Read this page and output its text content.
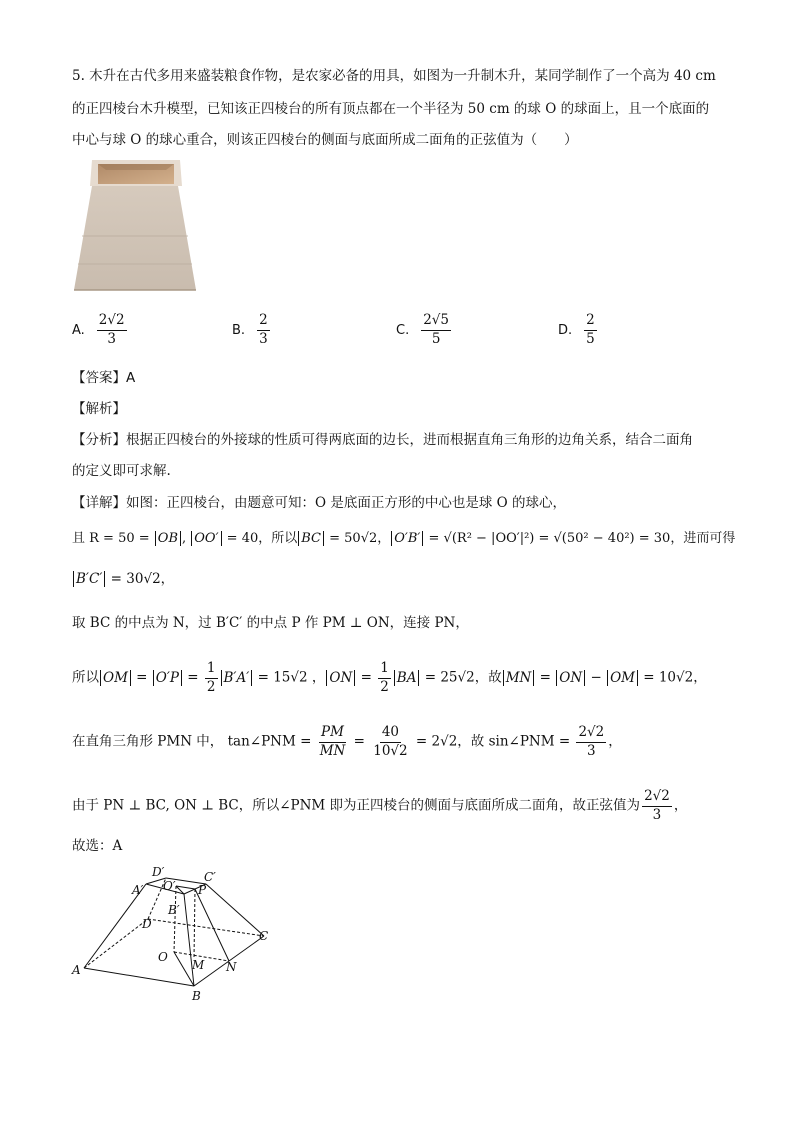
5. 木升在古代多用来盛装粮食作物，是农家必备的用具，如图为一升制木升，某同学制作了一个高为 40 cm
的正四棱台木升模型，已知该正四棱台的所有顶点都在一个半径为 50 cm 的球 O 的球面上，且一个底面的
中心与球 O 的球心重合，则该正四棱台的侧面与底面所成二面角的正弦值为（　　）
A. $\frac{2√2}{3}$	B. $\frac{2}{3}$	C. $\frac{2√5}{5}$	D. $\frac{2}{5}$
【答案】A
【解析】
【分析】根据正四棱台的外接球的性质可得两底面的边长，进而根据直角三角形的边角关系，结合二面角
的定义即可求解.
【详解】如图：正四棱台，由题意可知：O 是底面正方形的中心也是球 O 的球心，
且 R = 50 = OB , OO′ = 40，所以 BC = 50√2， O′B′ = √(R² − |OO′|²) = √(50² − 40²) = 30，进而可得
B′C′ = 30√2，
取 BC 的中点为 N，过 B′C′ 的中点 P 作 PM ⊥ ON，连接 PN，
所以 OM = $O'P = \frac{1}{2} B'A' = 15√2$ ， ON = $\frac{1}{2}$ BA = 25√2，故 MN = ON − OM = 10√2，
在直角三角形 PMN 中， tan∠PNM = $\frac{PM}{MN} = \frac{40}{10√2} = 2√2$，故 sin∠PNM = $\frac{2√2}{3}$ ，
由于 PN ⊥ BC, ON ⊥ BC，所以∠PNM 即为正四棱台的侧面与底面所成二面角，故正弦值为 $\frac{2√2}{3}$ ，
故选：A
D′	C′
A′ O′ P
B′
D
C
O
M N
A
B
